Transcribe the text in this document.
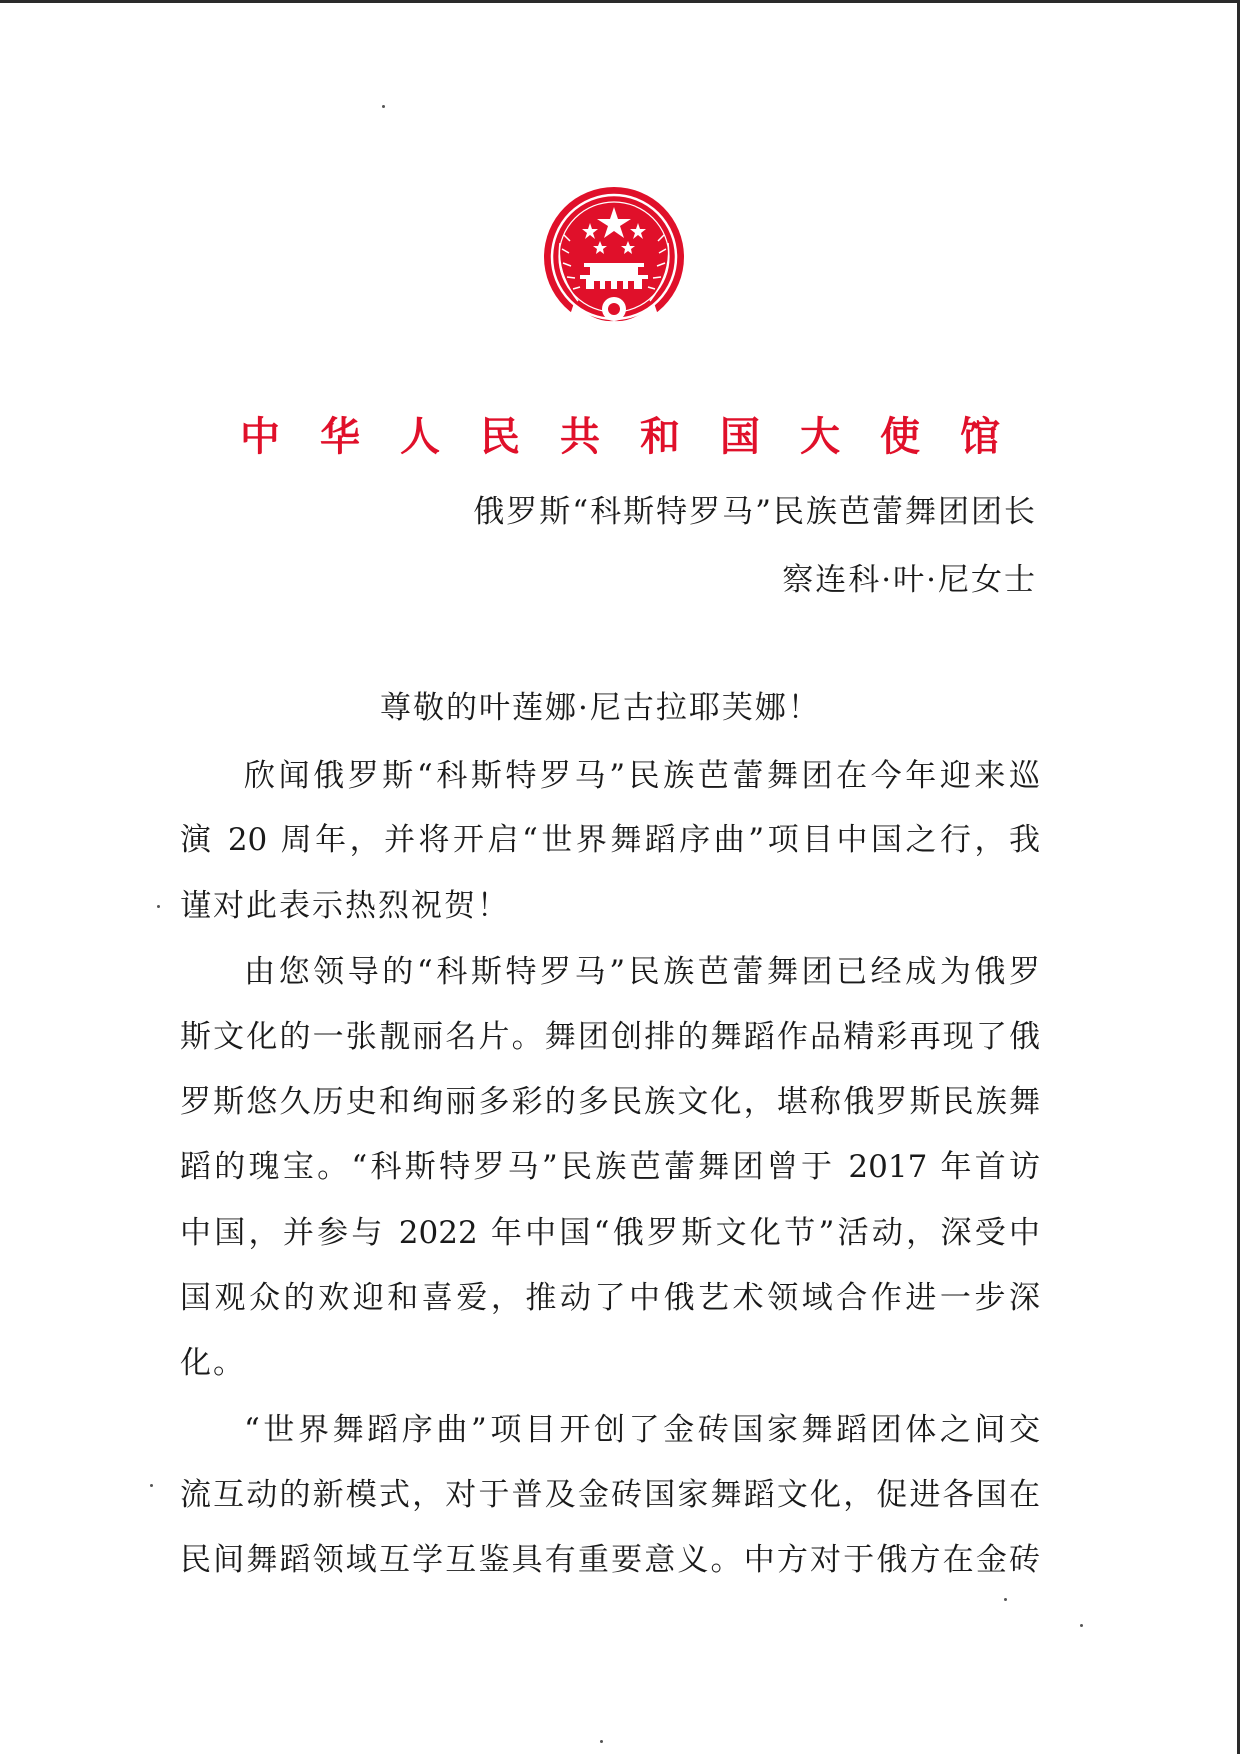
中 华 人 民 共 和 国 大 使 馆
俄罗斯“科斯特罗马”民族芭蕾舞团团长
察连科·叶·尼女士
尊敬的叶莲娜·尼古拉耶芙娜！
欣闻俄罗斯“科斯特罗马”民族芭蕾舞团在今年迎来巡
演 20 周年，并将开启“世界舞蹈序曲”项目中国之行，我
谨对此表示热烈祝贺！
由您领导的“科斯特罗马”民族芭蕾舞团已经成为俄罗
斯文化的一张靓丽名片。舞团创排的舞蹈作品精彩再现了俄
罗斯悠久历史和绚丽多彩的多民族文化，堪称俄罗斯民族舞
蹈的瑰宝。“科斯特罗马”民族芭蕾舞团曾于 2017 年首访
中国，并参与 2022 年中国“俄罗斯文化节”活动，深受中
国观众的欢迎和喜爱，推动了中俄艺术领域合作进一步深
化。
“世界舞蹈序曲”项目开创了金砖国家舞蹈团体之间交
流互动的新模式，对于普及金砖国家舞蹈文化，促进各国在
民间舞蹈领域互学互鉴具有重要意义。中方对于俄方在金砖
